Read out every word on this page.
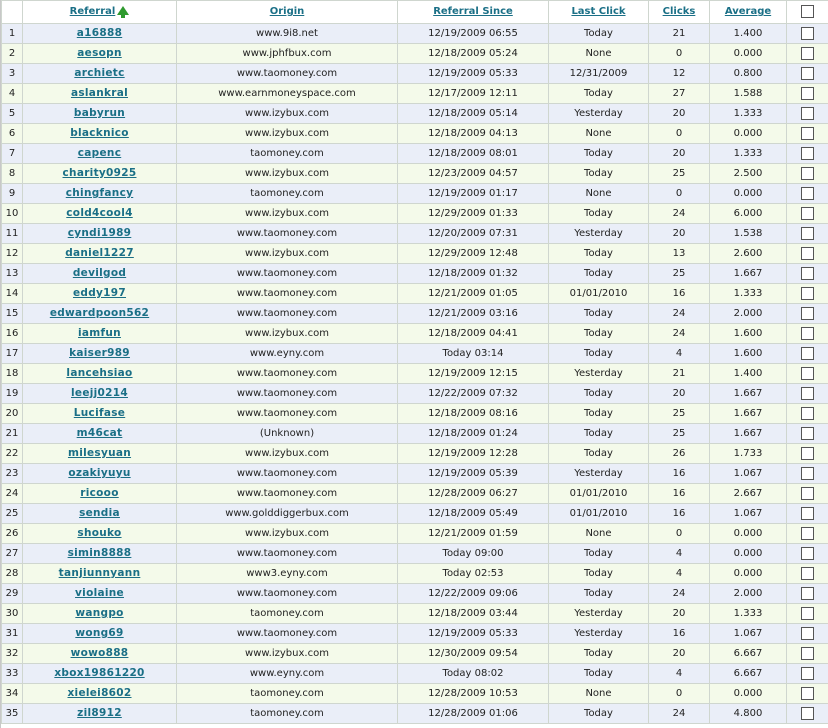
	Referral	Origin	Referral Since	Last Click	Clicks	Average	
1	a16888	www.9i8.net	12/19/2009 06:55	Today	21	1.400	
2	aesopn	www.jphfbux.com	12/18/2009 05:24	None	0	0.000	
3	archietc	www.taomoney.com	12/19/2009 05:33	12/31/2009	12	0.800	
4	aslankral	www.earnmoneyspace.com	12/17/2009 12:11	Today	27	1.588	
5	babyrun	www.izybux.com	12/18/2009 05:14	Yesterday	20	1.333	
6	blacknico	www.izybux.com	12/18/2009 04:13	None	0	0.000	
7	capenc	taomoney.com	12/18/2009 08:01	Today	20	1.333	
8	charity0925	www.izybux.com	12/23/2009 04:57	Today	25	2.500	
9	chingfancy	taomoney.com	12/19/2009 01:17	None	0	0.000	
10	cold4cool4	www.izybux.com	12/29/2009 01:33	Today	24	6.000	
11	cyndi1989	www.taomoney.com	12/20/2009 07:31	Yesterday	20	1.538	
12	daniel1227	www.izybux.com	12/29/2009 12:48	Today	13	2.600	
13	devilgod	www.taomoney.com	12/18/2009 01:32	Today	25	1.667	
14	eddy197	www.taomoney.com	12/21/2009 01:05	01/01/2010	16	1.333	
15	edwardpoon562	www.taomoney.com	12/21/2009 03:16	Today	24	2.000	
16	iamfun	www.izybux.com	12/18/2009 04:41	Today	24	1.600	
17	kaiser989	www.eyny.com	Today 03:14	Today	4	1.600	
18	lancehsiao	www.taomoney.com	12/19/2009 12:15	Yesterday	21	1.400	
19	leejj0214	www.taomoney.com	12/22/2009 07:32	Today	20	1.667	
20	Lucifase	www.taomoney.com	12/18/2009 08:16	Today	25	1.667	
21	m46cat	(Unknown)	12/18/2009 01:24	Today	25	1.667	
22	milesyuan	www.izybux.com	12/19/2009 12:28	Today	26	1.733	
23	ozakiyuyu	www.taomoney.com	12/19/2009 05:39	Yesterday	16	1.067	
24	ricooo	www.taomoney.com	12/28/2009 06:27	01/01/2010	16	2.667	
25	sendia	www.golddiggerbux.com	12/18/2009 05:49	01/01/2010	16	1.067	
26	shouko	www.izybux.com	12/21/2009 01:59	None	0	0.000	
27	simin8888	www.taomoney.com	Today 09:00	Today	4	0.000	
28	tanjiunnyann	www3.eyny.com	Today 02:53	Today	4	0.000	
29	violaine	www.taomoney.com	12/22/2009 09:06	Today	24	2.000	
30	wangpo	taomoney.com	12/18/2009 03:44	Yesterday	20	1.333	
31	wong69	www.taomoney.com	12/19/2009 05:33	Yesterday	16	1.067	
32	wowo888	www.izybux.com	12/30/2009 09:54	Today	20	6.667	
33	xbox19861220	www.eyny.com	Today 08:02	Today	4	6.667	
34	xielei8602	taomoney.com	12/28/2009 10:53	None	0	0.000	
35	zil8912	taomoney.com	12/28/2009 01:06	Today	24	4.800	
